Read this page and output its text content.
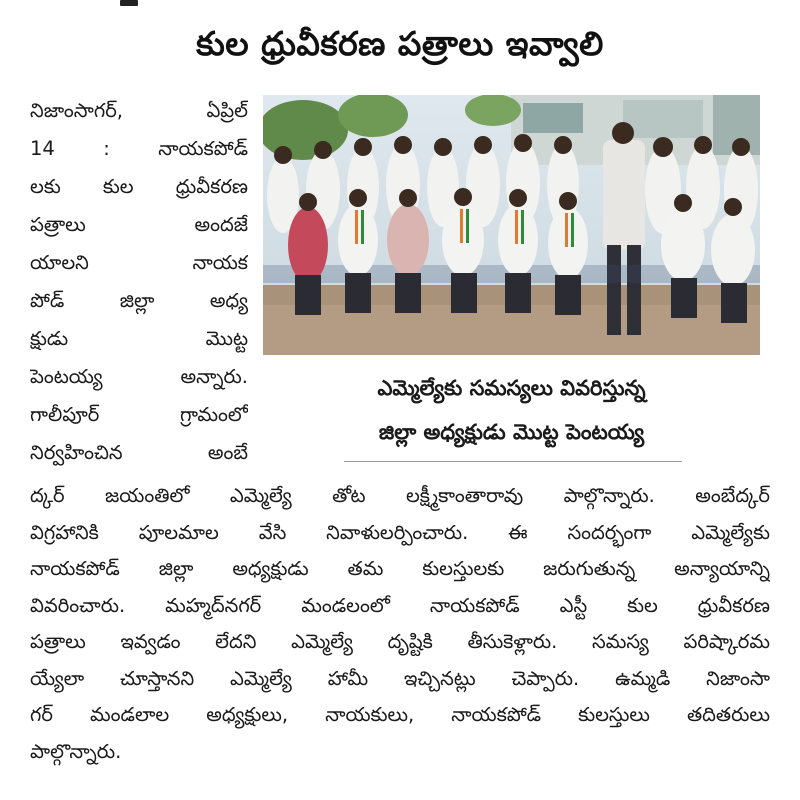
కుల ధ్రువీకరణ పత్రాలు ఇవ్వాలి
నిజాంసాగర్, ఏప్రిల్
14 : నాయకపోడ్
లకు కుల ధ్రువీకరణ
పత్రాలు అందజే
యాలని నాయక
పోడ్ జిల్లా అధ్య
క్షుడు మొట్ట
పెంటయ్య అన్నారు.
గాలీపూర్ గ్రామంలో
నిర్వహించిన అంబే
ఎమ్మెల్యేకు సమస్యలు వివరిస్తున్న
జిల్లా అధ్యక్షుడు మొట్ట పెంటయ్య
ద్కర్ జయంతిలో ఎమ్మెల్యే తోట లక్ష్మీకాంతారావు పాల్గొన్నారు. అంబేద్కర్
విగ్రహానికి పూలమాల వేసి నివాళులర్పించారు. ఈ సందర్భంగా ఎమ్మెల్యేకు
నాయకపోడ్ జిల్లా అధ్యక్షుడు తమ కులస్తులకు జరుగుతున్న అన్యాయాన్ని
వివరించారు. మహ్మద్‌నగర్ మండలంలో నాయకపోడ్ ఎస్టీ కుల ధ్రువీకరణ
పత్రాలు ఇవ్వడం లేదని ఎమ్మెల్యే దృష్టికి తీసుకెళ్లారు. సమస్య పరిష్కారమ
య్యేలా చూస్తానని ఎమ్మెల్యే హామీ ఇచ్చినట్లు చెప్పారు. ఉమ్మడి నిజాంసా
గర్ మండలాల అధ్యక్షులు, నాయకులు, నాయకపోడ్ కులస్తులు తదితరులు
పాల్గొన్నారు.
